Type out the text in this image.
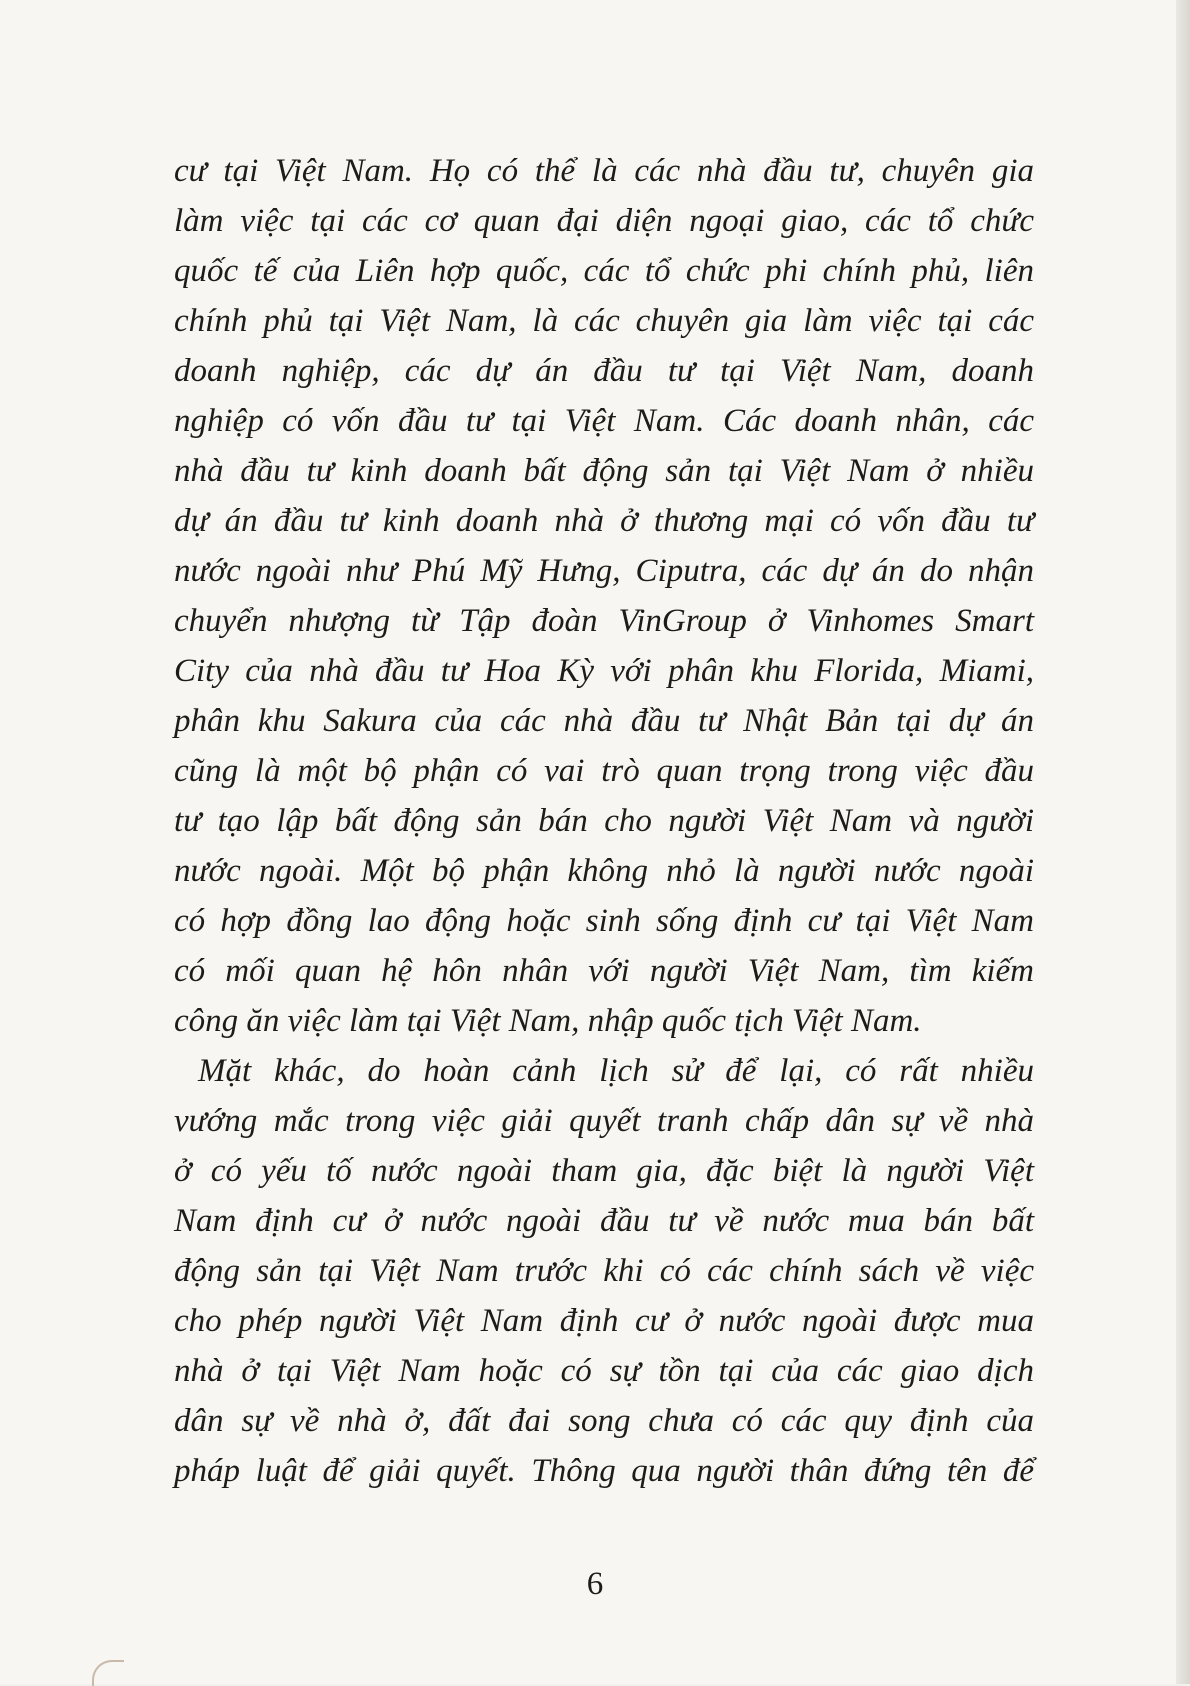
cư tại Việt Nam. Họ có thể là các nhà đầu tư, chuyên gia
làm việc tại các cơ quan đại diện ngoại giao, các tổ chức
quốc tế của Liên hợp quốc, các tổ chức phi chính phủ, liên
chính phủ tại Việt Nam, là các chuyên gia làm việc tại các
doanh nghiệp, các dự án đầu tư tại Việt Nam, doanh
nghiệp có vốn đầu tư tại Việt Nam. Các doanh nhân, các
nhà đầu tư kinh doanh bất động sản tại Việt Nam ở nhiều
dự án đầu tư kinh doanh nhà ở thương mại có vốn đầu tư
nước ngoài như Phú Mỹ Hưng, Ciputra, các dự án do nhận
chuyển nhượng từ Tập đoàn VinGroup ở Vinhomes Smart
City của nhà đầu tư Hoa Kỳ với phân khu Florida, Miami,
phân khu Sakura của các nhà đầu tư Nhật Bản tại dự án
cũng là một bộ phận có vai trò quan trọng trong việc đầu
tư tạo lập bất động sản bán cho người Việt Nam và người
nước ngoài. Một bộ phận không nhỏ là người nước ngoài
có hợp đồng lao động hoặc sinh sống định cư tại Việt Nam
có mối quan hệ hôn nhân với người Việt Nam, tìm kiếm
công ăn việc làm tại Việt Nam, nhập quốc tịch Việt Nam.
Mặt khác, do hoàn cảnh lịch sử để lại, có rất nhiều
vướng mắc trong việc giải quyết tranh chấp dân sự về nhà
ở có yếu tố nước ngoài tham gia, đặc biệt là người Việt
Nam định cư ở nước ngoài đầu tư về nước mua bán bất
động sản tại Việt Nam trước khi có các chính sách về việc
cho phép người Việt Nam định cư ở nước ngoài được mua
nhà ở tại Việt Nam hoặc có sự tồn tại của các giao dịch
dân sự về nhà ở, đất đai song chưa có các quy định của
pháp luật để giải quyết. Thông qua người thân đứng tên để
6
